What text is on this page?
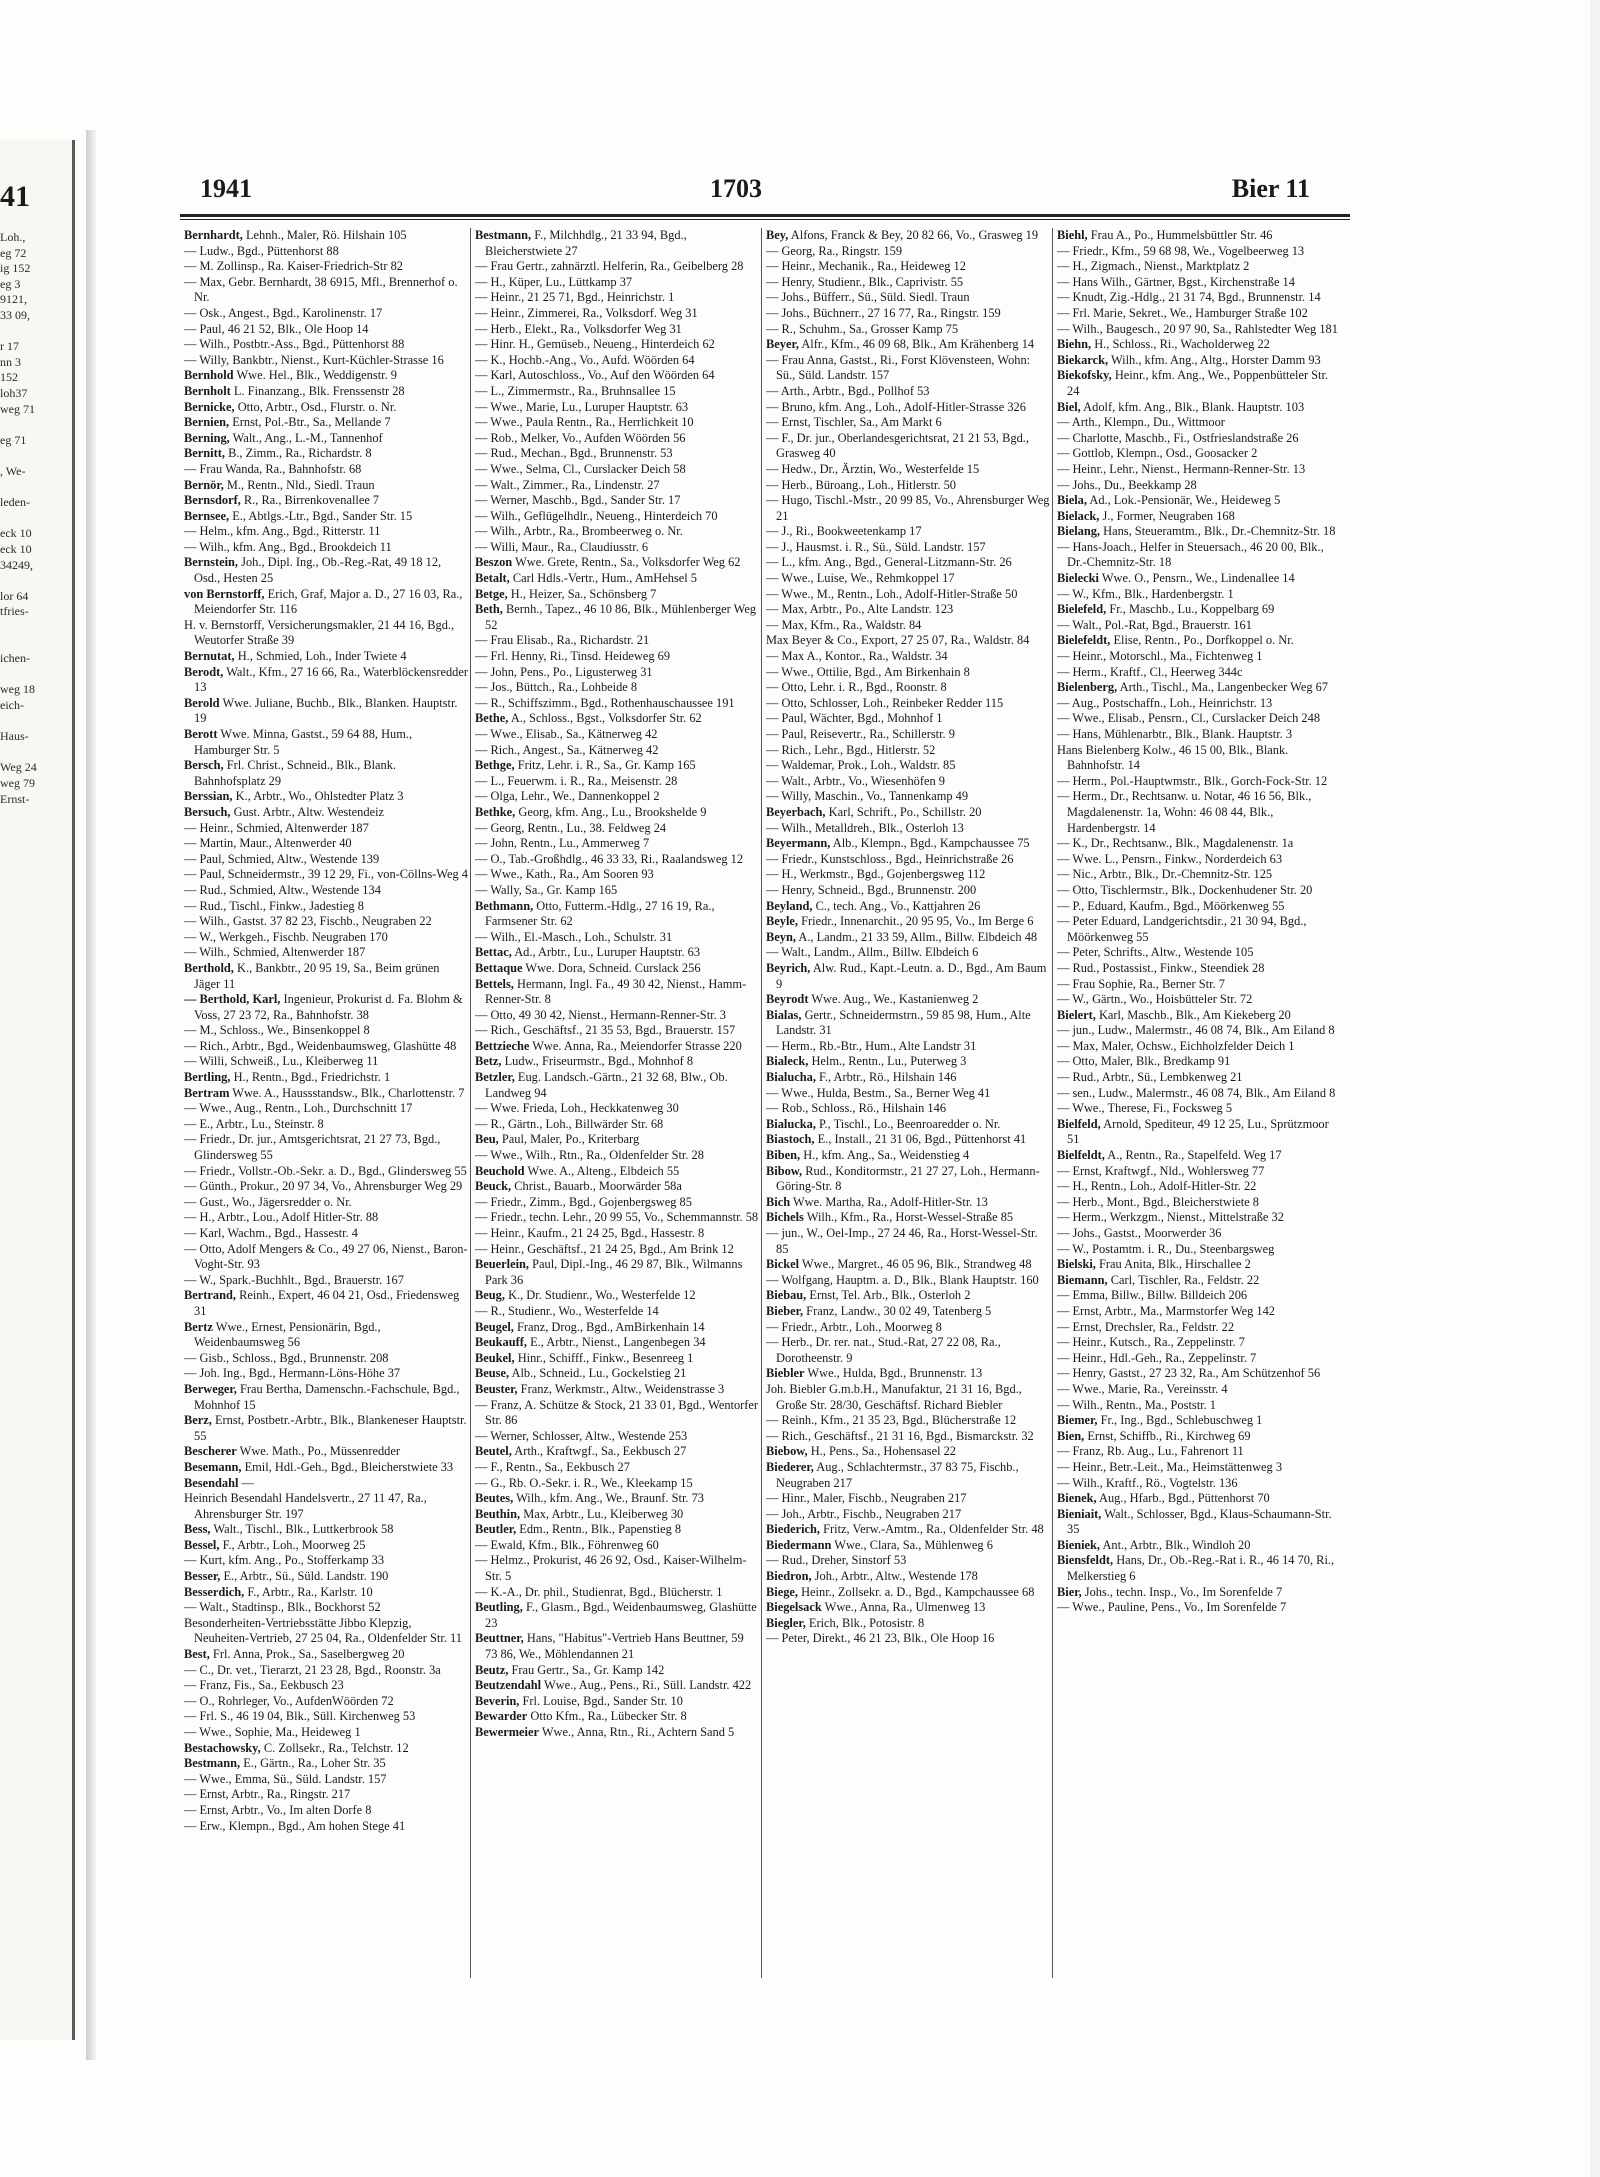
41
Loh.,
eg 72
ig 152
eg 3
9121,
33 09,
r 17
nn 3
152
loh37
weg 71
eg 71
, We-
leden-
eck 10
eck 10
34249,
lor 64
tfries-
ichen-
weg 18
eich-
Haus-
Weg 24
weg 79
Ernst-
1941	1703	Bier 11

Bernhardt, Lehnh., Maler, Rö. Hilshain 105

— Ludw., Bgd., Püttenhorst 88

— M. Zollinsp., Ra. Kaiser-Friedrich-Str 82

— Max, Gebr. Bernhardt, 38 6915, Mfl., Brennerhof o. Nr.

— Osk., Angest., Bgd., Karolinenstr. 17

— Paul, 46 21 52, Blk., Ole Hoop 14

— Wilh., Postbtr.-Ass., Bgd., Püttenhorst 88

— Willy, Bankbtr., Nienst., Kurt-Küchler-Strasse 16

Bernhold Wwe. Hel., Blk., Weddigenstr. 9

Bernholt L. Finanzang., Blk. Frenssenstr 28

Bernicke, Otto, Arbtr., Osd., Flurstr. o. Nr.

Bernien, Ernst, Pol.-Btr., Sa., Mellande 7

Berning, Walt., Ang., L.-M., Tannenhof

Bernitt, B., Zimm., Ra., Richardstr. 8

— Frau Wanda, Ra., Bahnhofstr. 68

Bernör, M., Rentn., Nld., Siedl. Traun

Bernsdorf, R., Ra., Birrenkovenallee 7

Bernsee, E., Abtlgs.-Ltr., Bgd., Sander Str. 15

— Helm., kfm. Ang., Bgd., Ritterstr. 11

— Wilh., kfm. Ang., Bgd., Brookdeich 11

Bernstein, Joh., Dipl. Ing., Ob.-Reg.-Rat, 49 18 12, Osd., Hesten 25

von Bernstorff, Erich, Graf, Major a. D., 27 16 03, Ra., Meiendorfer Str. 116

H. v. Bernstorff, Versicherungsmakler, 21 44 16, Bgd., Weutorfer Straße 39

Bernutat, H., Schmied, Loh., Inder Twiete 4

Berodt, Walt., Kfm., 27 16 66, Ra., Waterblöckensredder 13

Berold Wwe. Juliane, Buchb., Blk., Blanken. Hauptstr. 19

Berott Wwe. Minna, Gastst., 59 64 88, Hum., Hamburger Str. 5

Bersch, Frl. Christ., Schneid., Blk., Blank. Bahnhofsplatz 29

Berssian, K., Arbtr., Wo., Ohlstedter Platz 3

Bersuch, Gust. Arbtr., Altw. Westendeiz

— Heinr., Schmied, Altenwerder 187

— Martin, Maur., Altenwerder 40

— Paul, Schmied, Altw., Westende 139

— Paul, Schneidermstr., 39 12 29, Fi., von-Cöllns-Weg 4

— Rud., Schmied, Altw., Westende 134

— Rud., Tischl., Finkw., Jadestieg 8

— Wilh., Gastst. 37 82 23, Fischb., Neugraben 22

— W., Werkgeh., Fischb. Neugraben 170

— Wilh., Schmied, Altenwerder 187

Berthold, K., Bankbtr., 20 95 19, Sa., Beim grünen Jäger 11

— Berthold, Karl, Ingenieur, Prokurist d. Fa. Blohm & Voss, 27 23 72, Ra., Bahnhofstr. 38

— M., Schloss., We., Binsenkoppel 8

— Rich., Arbtr., Bgd., Weidenbaumsweg, Glashütte 48

— Willi, Schweiß., Lu., Kleiberweg 11

Bertling, H., Rentn., Bgd., Friedrichstr. 1

Bertram Wwe. A., Haussstandsw., Blk., Charlottenstr. 7

— Wwe., Aug., Rentn., Loh., Durchschnitt 17

— E., Arbtr., Lu., Steinstr. 8

— Friedr., Dr. jur., Amtsgerichtsrat, 21 27 73, Bgd., Glindersweg 55

— Friedr., Vollstr.-Ob.-Sekr. a. D., Bgd., Glindersweg 55

— Günth., Prokur., 20 97 34, Vo., Ahrensburger Weg 29

— Gust., Wo., Jägersredder o. Nr.

— H., Arbtr., Lou., Adolf Hitler-Str. 88

— Karl, Wachm., Bgd., Hassestr. 4

— Otto, Adolf Mengers & Co., 49 27 06, Nienst., Baron-Voght-Str. 93

— W., Spark.-Buchhlt., Bgd., Brauerstr. 167

Bertrand, Reinh., Expert, 46 04 21, Osd., Friedensweg 31

Bertz Wwe., Ernest, Pensionärin, Bgd., Weidenbaumsweg 56

— Gisb., Schloss., Bgd., Brunnenstr. 208

— Joh. Ing., Bgd., Hermann-Löns-Höhe 37

Berweger, Frau Bertha, Damenschn.-Fachschule, Bgd., Mohnhof 15

Berz, Ernst, Postbetr.-Arbtr., Blk., Blankeneser Hauptstr. 55

Bescherer Wwe. Math., Po., Müssenredder

Besemann, Emil, Hdl.-Geh., Bgd., Bleicherstwiete 33

Besendahl —

Heinrich Besendahl Handelsvertr., 27 11 47, Ra., Ahrensburger Str. 197

Bess, Walt., Tischl., Blk., Luttkerbrook 58

Bessel, F., Arbtr., Loh., Moorweg 25

— Kurt, kfm. Ang., Po., Stofferkamp 33

Besser, E., Arbtr., Sü., Süld. Landstr. 190

Besserdich, F., Arbtr., Ra., Karlstr. 10

— Walt., Stadtinsp., Blk., Bockhorst 52

Besonderheiten-Vertriebsstätte Jibbo Klepzig, Neuheiten-Vertrieb, 27 25 04, Ra., Oldenfelder Str. 11

Best, Frl. Anna, Prok., Sa., Saselbergweg 20

— C., Dr. vet., Tierarzt, 21 23 28, Bgd., Roonstr. 3a

— Franz, Fis., Sa., Eekbusch 23

— O., Rohrleger, Vo., AufdenWöörden 72

— Frl. S., 46 19 04, Blk., Süll. Kirchenweg 53

— Wwe., Sophie, Ma., Heideweg 1

Bestachowsky, C. Zollsekr., Ra., Telchstr. 12

Bestmann, E., Gärtn., Ra., Loher Str. 35

— Wwe., Emma, Sü., Süld. Landstr. 157

— Ernst, Arbtr., Ra., Ringstr. 217

— Ernst, Arbtr., Vo., Im alten Dorfe 8

— Erw., Klempn., Bgd., Am hohen Stege 41

Bestmann, F., Milchhdlg., 21 33 94, Bgd., Bleicherstwiete 27

— Frau Gertr., zahnärztl. Helferin, Ra., Geibelberg 28

— H., Küper, Lu., Lüttkamp 37

— Heinr., 21 25 71, Bgd., Heinrichstr. 1

— Heinr., Zimmerei, Ra., Volksdorf. Weg 31

— Herb., Elekt., Ra., Volksdorfer Weg 31

— Hinr. H., Gemüseb., Neueng., Hinterdeich 62

— K., Hochb.-Ang., Vo., Aufd. Wöörden 64

— Karl, Autoschloss., Vo., Auf den Wöörden 64

— L., Zimmermstr., Ra., Bruhnsallee 15

— Wwe., Marie, Lu., Luruper Hauptstr. 63

— Wwe., Paula Rentn., Ra., Herrlichkeit 10

— Rob., Melker, Vo., Aufden Wöörden 56

— Rud., Mechan., Bgd., Brunnenstr. 53

— Wwe., Selma, Cl., Curslacker Deich 58

— Walt., Zimmer., Ra., Lindenstr. 27

— Werner, Maschb., Bgd., Sander Str. 17

— Wilh., Geflügelhdlr., Neueng., Hinterdeich 70

— Wilh., Arbtr., Ra., Brombeerweg o. Nr.

— Willi, Maur., Ra., Claudiusstr. 6

Beszon Wwe. Grete, Rentn., Sa., Volksdorfer Weg 62

Betalt, Carl Hdls.-Vertr., Hum., AmHehsel 5

Betge, H., Heizer, Sa., Schönsberg 7

Beth, Bernh., Tapez., 46 10 86, Blk., Mühlenberger Weg 52

— Frau Elisab., Ra., Richardstr. 21

— Frl. Henny, Ri., Tinsd. Heideweg 69

— John, Pens., Po., Ligusterweg 31

— Jos., Büttch., Ra., Lohbeide 8

— R., Schiffszimm., Bgd., Rothenhauschaussee 191

Bethe, A., Schloss., Bgst., Volksdorfer Str. 62

— Wwe., Elisab., Sa., Kätnerweg 42

— Rich., Angest., Sa., Kätnerweg 42

Bethge, Fritz, Lehr. i. R., Sa., Gr. Kamp 165

— L., Feuerwm. i. R., Ra., Meisenstr. 28

— Olga, Lehr., We., Dannenkoppel 2

Bethke, Georg, kfm. Ang., Lu., Brookshelde 9

— Georg, Rentn., Lu., 38. Feldweg 24

— John, Rentn., Lu., Ammerweg 7

— O., Tab.-Großhdlg., 46 33 33, Ri., Raalandsweg 12

— Wwe., Kath., Ra., Am Sooren 93

— Wally, Sa., Gr. Kamp 165

Bethmann, Otto, Futterm.-Hdlg., 27 16 19, Ra., Farmsener Str. 62

— Wilh., El.-Masch., Loh., Schulstr. 31

Bettac, Ad., Arbtr., Lu., Luruper Hauptstr. 63

Bettaque Wwe. Dora, Schneid. Curslack 256

Bettels, Hermann, Ingl. Fa., 49 30 42, Nienst., Hamm-Renner-Str. 8

— Otto, 49 30 42, Nienst., Hermann-Renner-Str. 3

— Rich., Geschäftsf., 21 35 53, Bgd., Brauerstr. 157

Bettzieche Wwe. Anna, Ra., Meiendorfer Strasse 220

Betz, Ludw., Friseurmstr., Bgd., Mohnhof 8

Betzler, Eug. Landsch.-Gärtn., 21 32 68, Blw., Ob. Landweg 94

— Wwe. Frieda, Loh., Heckkatenweg 30

— R., Gärtn., Loh., Billwärder Str. 68

Beu, Paul, Maler, Po., Kriterbarg

— Wwe., Wilh., Rtn., Ra., Oldenfelder Str. 28

Beuchold Wwe. A., Alteng., Elbdeich 55

Beuck, Christ., Bauarb., Moorwärder 58a

— Friedr., Zimm., Bgd., Gojenbergsweg 85

— Friedr., techn. Lehr., 20 99 55, Vo., Schemmannstr. 58

— Heinr., Kaufm., 21 24 25, Bgd., Hassestr. 8

— Heinr., Geschäftsf., 21 24 25, Bgd., Am Brink 12

Beuerlein, Paul, Dipl.-Ing., 46 29 87, Blk., Wilmanns Park 36

Beug, K., Dr. Studienr., Wo., Westerfelde 12

— R., Studienr., Wo., Westerfelde 14

Beugel, Franz, Drog., Bgd., AmBirkenhain 14

Beukauff, E., Arbtr., Nienst., Langenbegen 34

Beukel, Hinr., Schifff., Finkw., Besenreeg 1

Beuse, Alb., Schneid., Lu., Gockelstieg 21

Beuster, Franz, Werkmstr., Altw., Weidenstrasse 3

— Franz, A. Schütze & Stock, 21 33 01, Bgd., Wentorfer Str. 86

— Werner, Schlosser, Altw., Westende 253

Beutel, Arth., Kraftwgf., Sa., Eekbusch 27

— F., Rentn., Sa., Eekbusch 27

— G., Rb. O.-Sekr. i. R., We., Kleekamp 15

Beutes, Wilh., kfm. Ang., We., Braunf. Str. 73

Beuthin, Max, Arbtr., Lu., Kleiberweg 30

Beutler, Edm., Rentn., Blk., Papenstieg 8

— Ewald, Kfm., Blk., Föhrenweg 60

— Helmz., Prokurist, 46 26 92, Osd., Kaiser-Wilhelm-Str. 5

— K.-A., Dr. phil., Studienrat, Bgd., Blücherstr. 1

Beutling, F., Glasm., Bgd., Weidenbaumsweg, Glashütte 23

Beuttner, Hans, "Habitus"-Vertrieb Hans Beuttner, 59 73 86, We., Möhlendannen 21

Beutz, Frau Gertr., Sa., Gr. Kamp 142

Beutzendahl Wwe., Aug., Pens., Ri., Süll. Landstr. 422

Beverin, Frl. Louise, Bgd., Sander Str. 10

Bewarder Otto Kfm., Ra., Lübecker Str. 8

Bewermeier Wwe., Anna, Rtn., Ri., Achtern Sand 5

Bey, Alfons, Franck & Bey, 20 82 66, Vo., Grasweg 19

— Georg, Ra., Ringstr. 159

— Heinr., Mechanik., Ra., Heideweg 12

— Henry, Studienr., Blk., Caprivistr. 55

— Johs., Büfferr., Sü., Süld. Siedl. Traun

— Johs., Büchnerr., 27 16 77, Ra., Ringstr. 159

— R., Schuhm., Sa., Grosser Kamp 75

Beyer, Alfr., Kfm., 46 09 68, Blk., Am Krähenberg 14

— Frau Anna, Gastst., Ri., Forst Klövensteen, Wohn: Sü., Süld. Landstr. 157

— Arth., Arbtr., Bgd., Pollhof 53

— Bruno, kfm. Ang., Loh., Adolf-Hitler-Strasse 326

— Ernst, Tischler, Sa., Am Markt 6

— F., Dr. jur., Oberlandesgerichtsrat, 21 21 53, Bgd., Grasweg 40

— Hedw., Dr., Ärztin, Wo., Westerfelde 15

— Herb., Büroang., Loh., Hitlerstr. 50

— Hugo, Tischl.-Mstr., 20 99 85, Vo., Ahrensburger Weg 21

— J., Ri., Bookweetenkamp 17

— J., Hausmst. i. R., Sü., Süld. Landstr. 157

— L., kfm. Ang., Bgd., General-Litzmann-Str. 26

— Wwe., Luise, We., Rehmkoppel 17

— Wwe., M., Rentn., Loh., Adolf-Hitler-Straße 50

— Max, Arbtr., Po., Alte Landstr. 123

— Max, Kfm., Ra., Waldstr. 84

Max Beyer & Co., Export, 27 25 07, Ra., Waldstr. 84

— Max A., Kontor., Ra., Waldstr. 34

— Wwe., Ottilie, Bgd., Am Birkenhain 8

— Otto, Lehr. i. R., Bgd., Roonstr. 8

— Otto, Schlosser, Loh., Reinbeker Redder 115

— Paul, Wächter, Bgd., Mohnhof 1

— Paul, Reisevertr., Ra., Schillerstr. 9

— Rich., Lehr., Bgd., Hitlerstr. 52

— Waldemar, Prok., Loh., Waldstr. 85

— Walt., Arbtr., Vo., Wiesenhöfen 9

— Willy, Maschin., Vo., Tannenkamp 49

Beyerbach, Karl, Schrift., Po., Schillstr. 20

— Wilh., Metalldreh., Blk., Osterloh 13

Beyermann, Alb., Klempn., Bgd., Kampchaussee 75

— Friedr., Kunstschloss., Bgd., Heinrichstraße 26

— H., Werkmstr., Bgd., Gojenbergsweg 112

— Henry, Schneid., Bgd., Brunnenstr. 200

Beyland, C., tech. Ang., Vo., Kattjahren 26

Beyle, Friedr., Innenarchit., 20 95 95, Vo., Im Berge 6

Beyn, A., Landm., 21 33 59, Allm., Billw. Elbdeich 48

— Walt., Landm., Allm., Billw. Elbdeich 6

Beyrich, Alw. Rud., Kapt.-Leutn. a. D., Bgd., Am Baum 9

Beyrodt Wwe. Aug., We., Kastanienweg 2

Bialas, Gertr., Schneidermstrn., 59 85 98, Hum., Alte Landstr. 31

— Herm., Rb.-Btr., Hum., Alte Landstr 31

Bialeck, Helm., Rentn., Lu., Puterweg 3

Bialucha, F., Arbtr., Rö., Hilshain 146

— Wwe., Hulda, Bestm., Sa., Berner Weg 41

— Rob., Schloss., Rö., Hilshain 146

Bialucka, P., Tischl., Lo., Beenroaredder o. Nr.

Biastoch, E., Install., 21 31 06, Bgd., Püttenhorst 41

Biben, H., kfm. Ang., Sa., Weidenstieg 4

Bibow, Rud., Konditormstr., 21 27 27, Loh., Hermann-Göring-Str. 8

Bich Wwe. Martha, Ra., Adolf-Hitler-Str. 13

Bichels Wilh., Kfm., Ra., Horst-Wessel-Straße 85

— jun., W., Oel-Imp., 27 24 46, Ra., Horst-Wessel-Str. 85

Bickel Wwe., Margret., 46 05 96, Blk., Strandweg 48

— Wolfgang, Hauptm. a. D., Blk., Blank Hauptstr. 160

Biebau, Ernst, Tel. Arb., Blk., Osterloh 2

Bieber, Franz, Landw., 30 02 49, Tatenberg 5

— Friedr., Arbtr., Loh., Moorweg 8

— Herb., Dr. rer. nat., Stud.-Rat, 27 22 08, Ra., Dorotheenstr. 9

Biebler Wwe., Hulda, Bgd., Brunnenstr. 13

Joh. Biebler G.m.b.H., Manufaktur, 21 31 16, Bgd., Große Str. 28/30, Geschäftsf. Richard Biebler

— Reinh., Kfm., 21 35 23, Bgd., Blücherstraße 12

— Rich., Geschäftsf., 21 31 16, Bgd., Bismarckstr. 32

Biebow, H., Pens., Sa., Hohensasel 22

Biederer, Aug., Schlachtermstr., 37 83 75, Fischb., Neugraben 217

— Hinr., Maler, Fischb., Neugraben 217

— Joh., Arbtr., Fischb., Neugraben 217

Biederich, Fritz, Verw.-Amtm., Ra., Oldenfelder Str. 48

Biedermann Wwe., Clara, Sa., Mühlenweg 6

— Rud., Dreher, Sinstorf 53

Biedron, Joh., Arbtr., Altw., Westende 178

Biege, Heinr., Zollsekr. a. D., Bgd., Kampchaussee 68

Biegelsack Wwe., Anna, Ra., Ulmenweg 13

Biegler, Erich, Blk., Potosistr. 8

— Peter, Direkt., 46 21 23, Blk., Ole Hoop 16

Biehl, Frau A., Po., Hummelsbüttler Str. 46

— Friedr., Kfm., 59 68 98, We., Vogelbeerweg 13

— H., Zigmach., Nienst., Marktplatz 2

— Hans Wilh., Gärtner, Bgst., Kirchenstraße 14

— Knudt, Zig.-Hdlg., 21 31 74, Bgd., Brunnenstr. 14

— Frl. Marie, Sekret., We., Hamburger Straße 102

— Wilh., Baugesch., 20 97 90, Sa., Rahlstedter Weg 181

Biehn, H., Schloss., Ri., Wacholderweg 22

Biekarck, Wilh., kfm. Ang., Altg., Horster Damm 93

Biekofsky, Heinr., kfm. Ang., We., Poppenbütteler Str. 24

Biel, Adolf, kfm. Ang., Blk., Blank. Hauptstr. 103

— Arth., Klempn., Du., Wittmoor

— Charlotte, Maschb., Fi., Ostfrieslandstraße 26

— Gottlob, Klempn., Osd., Goosacker 2

— Heinr., Lehr., Nienst., Hermann-Renner-Str. 13

— Johs., Du., Beekkamp 28

Biela, Ad., Lok.-Pensionär, We., Heideweg 5

Bielack, J., Former, Neugraben 168

Bielang, Hans, Steueramtm., Blk., Dr.-Chemnitz-Str. 18

— Hans-Joach., Helfer in Steuersach., 46 20 00, Blk., Dr.-Chemnitz-Str. 18

Bielecki Wwe. O., Pensrn., We., Lindenallee 14

— W., Kfm., Blk., Hardenbergstr. 1

Bielefeld, Fr., Maschb., Lu., Koppelbarg 69

— Walt., Pol.-Rat, Bgd., Brauerstr. 161

Bielefeldt, Elise, Rentn., Po., Dorfkoppel o. Nr.

— Heinr., Motorschl., Ma., Fichtenweg 1

— Herm., Kraftf., Cl., Heerweg 344c

Bielenberg, Arth., Tischl., Ma., Langenbecker Weg 67

— Aug., Postschaffn., Loh., Heinrichstr. 13

— Wwe., Elisab., Pensrn., Cl., Curslacker Deich 248

— Hans, Mühlenarbtr., Blk., Blank. Hauptstr. 3

Hans Bielenberg Kolw., 46 15 00, Blk., Blank. Bahnhofstr. 14

— Herm., Pol.-Hauptwmstr., Blk., Gorch-Fock-Str. 12

— Herm., Dr., Rechtsanw. u. Notar, 46 16 56, Blk., Magdalenenstr. 1a, Wohn: 46 08 44, Blk., Hardenbergstr. 14

— K., Dr., Rechtsanw., Blk., Magdalenenstr. 1a

— Wwe. L., Pensrn., Finkw., Norderdeich 63

— Nic., Arbtr., Blk., Dr.-Chemnitz-Str. 125

— Otto, Tischlermstr., Blk., Dockenhudener Str. 20

— P., Eduard, Kaufm., Bgd., Möörkenweg 55

— Peter Eduard, Landgerichtsdir., 21 30 94, Bgd., Möörkenweg 55

— Peter, Schrifts., Altw., Westende 105

— Rud., Postassist., Finkw., Steendiek 28

— Frau Sophie, Ra., Berner Str. 7

— W., Gärtn., Wo., Hoisbütteler Str. 72

Bielert, Karl, Maschb., Blk., Am Kiekeberg 20

— jun., Ludw., Malermstr., 46 08 74, Blk., Am Eiland 8

— Max, Maler, Ochsw., Eichholzfelder Deich 1

— Otto, Maler, Blk., Bredkamp 91

— Rud., Arbtr., Sü., Lembkenweg 21

— sen., Ludw., Malermstr., 46 08 74, Blk., Am Eiland 8

— Wwe., Therese, Fi., Focksweg 5

Bielfeld, Arnold, Spediteur, 49 12 25, Lu., Sprützmoor 51

Bielfeldt, A., Rentn., Ra., Stapelfeld. Weg 17

— Ernst, Kraftwgf., Nld., Wohlersweg 77

— H., Rentn., Loh., Adolf-Hitler-Str. 22

— Herb., Mont., Bgd., Bleicherstwiete 8

— Herm., Werkzgm., Nienst., Mittelstraße 32

— Johs., Gastst., Moorwerder 36

— W., Postamtm. i. R., Du., Steenbargsweg

Bielski, Frau Anita, Blk., Hirschallee 2

Biemann, Carl, Tischler, Ra., Feldstr. 22

— Emma, Billw., Billw. Billdeich 206

— Ernst, Arbtr., Ma., Marmstorfer Weg 142

— Ernst, Drechsler, Ra., Feldstr. 22

— Heinr., Kutsch., Ra., Zeppelinstr. 7

— Heinr., Hdl.-Geh., Ra., Zeppelinstr. 7

— Henry, Gastst., 27 23 32, Ra., Am Schützenhof 56

— Wwe., Marie, Ra., Vereinsstr. 4

— Wilh., Rentn., Ma., Poststr. 1

Biemer, Fr., Ing., Bgd., Schlebuschweg 1

Bien, Ernst, Schiffb., Ri., Kirchweg 69

— Franz, Rb. Aug., Lu., Fahrenort 11

— Heinr., Betr.-Leit., Ma., Heimstättenweg 3

— Wilh., Kraftf., Rö., Vogtelstr. 136

Bienek, Aug., Hfarb., Bgd., Püttenhorst 70

Bieniait, Walt., Schlosser, Bgd., Klaus-Schaumann-Str. 35

Bieniek, Ant., Arbtr., Blk., Windloh 20

Biensfeldt, Hans, Dr., Ob.-Reg.-Rat i. R., 46 14 70, Ri., Melkerstieg 6

Bier, Johs., techn. Insp., Vo., Im Sorenfelde 7

— Wwe., Pauline, Pens., Vo., Im Sorenfelde 7
